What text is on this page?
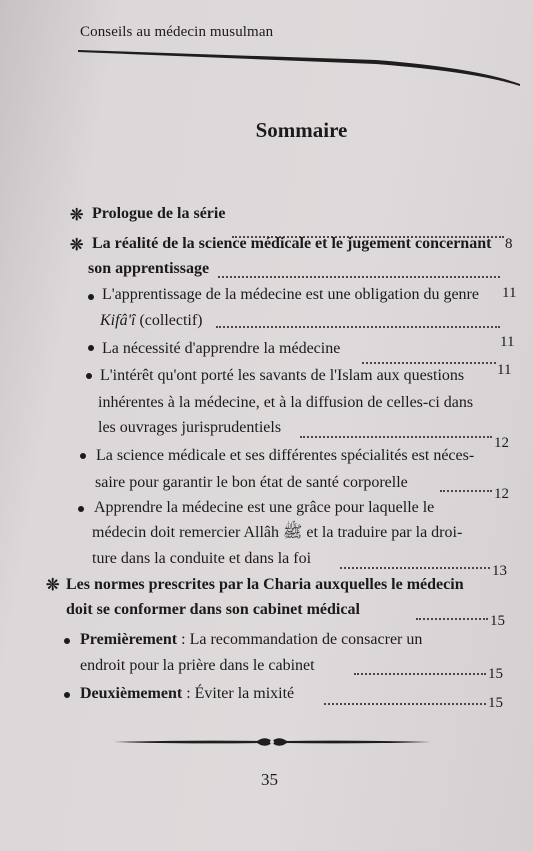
Conseils au médecin musulman
Sommaire
❊ Prologue de la série
8
❊ La réalité de la science médicale et le jugement concernant
son apprentissage
11
L'apprentissage de la médecine est une obligation du genre
Kifâ'î (collectif)
11
La nécessité d'apprendre la médecine
11
L'intérêt qu'ont porté les savants de l'Islam aux questions
inhérentes à la médecine, et à la diffusion de celles-ci dans
les ouvrages jurisprudentiels
12
La science médicale et ses différentes spécialités est néces-
saire pour garantir le bon état de santé corporelle
12
Apprendre la médecine est une grâce pour laquelle le
médecin doit remercier Allâh ﷺ et la traduire par la droi-
ture dans la conduite et dans la foi
13
❊ Les normes prescrites par la Charia auxquelles le médecin
doit se conformer dans son cabinet médical
15
Premièrement : La recommandation de consacrer un
endroit pour la prière dans le cabinet	15
Deuxièmement : Éviter la mixité
15
35
